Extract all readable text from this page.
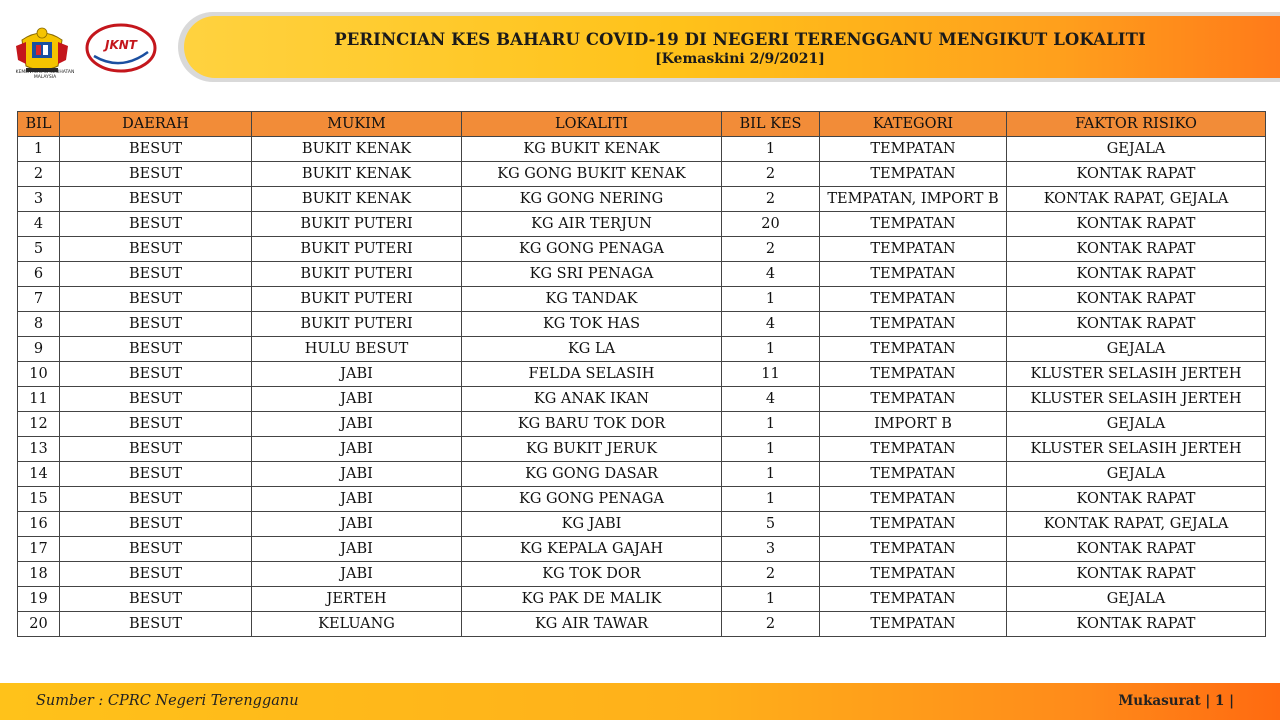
KEMENTERIAN KESIHATAN MALAYSIA
JKNT	PERINCIAN KES BAHARU COVID-19 DI NEGERI TERENGGANU MENGIKUT LOKALITI
[Kemaskini 2/9/2021]
BIL	DAERAH	MUKIM	LOKALITI	BIL KES	KATEGORI	FAKTOR RISIKO
1	BESUT	BUKIT KENAK	KG BUKIT KENAK	1	TEMPATAN	GEJALA
2	BESUT	BUKIT KENAK	KG GONG BUKIT KENAK	2	TEMPATAN	KONTAK RAPAT
3	BESUT	BUKIT KENAK	KG GONG NERING	2	TEMPATAN, IMPORT B	KONTAK RAPAT, GEJALA
4	BESUT	BUKIT PUTERI	KG AIR TERJUN	20	TEMPATAN	KONTAK RAPAT
5	BESUT	BUKIT PUTERI	KG GONG PENAGA	2	TEMPATAN	KONTAK RAPAT
6	BESUT	BUKIT PUTERI	KG SRI PENAGA	4	TEMPATAN	KONTAK RAPAT
7	BESUT	BUKIT PUTERI	KG TANDAK	1	TEMPATAN	KONTAK RAPAT
8	BESUT	BUKIT PUTERI	KG TOK HAS	4	TEMPATAN	KONTAK RAPAT
9	BESUT	HULU BESUT	KG LA	1	TEMPATAN	GEJALA
10	BESUT	JABI	FELDA SELASIH	11	TEMPATAN	KLUSTER SELASIH JERTEH
11	BESUT	JABI	KG ANAK IKAN	4	TEMPATAN	KLUSTER SELASIH JERTEH
12	BESUT	JABI	KG BARU TOK DOR	1	IMPORT B	GEJALA
13	BESUT	JABI	KG BUKIT JERUK	1	TEMPATAN	KLUSTER SELASIH JERTEH
14	BESUT	JABI	KG GONG DASAR	1	TEMPATAN	GEJALA
15	BESUT	JABI	KG GONG PENAGA	1	TEMPATAN	KONTAK RAPAT
16	BESUT	JABI	KG JABI	5	TEMPATAN	KONTAK RAPAT, GEJALA
17	BESUT	JABI	KG KEPALA GAJAH	3	TEMPATAN	KONTAK RAPAT
18	BESUT	JABI	KG TOK DOR	2	TEMPATAN	KONTAK RAPAT
19	BESUT	JERTEH	KG PAK DE MALIK	1	TEMPATAN	GEJALA
20	BESUT	KELUANG	KG AIR TAWAR	2	TEMPATAN	KONTAK RAPAT
Sumber : CPRC Negeri Terengganu	Mukasurat | 1 |
